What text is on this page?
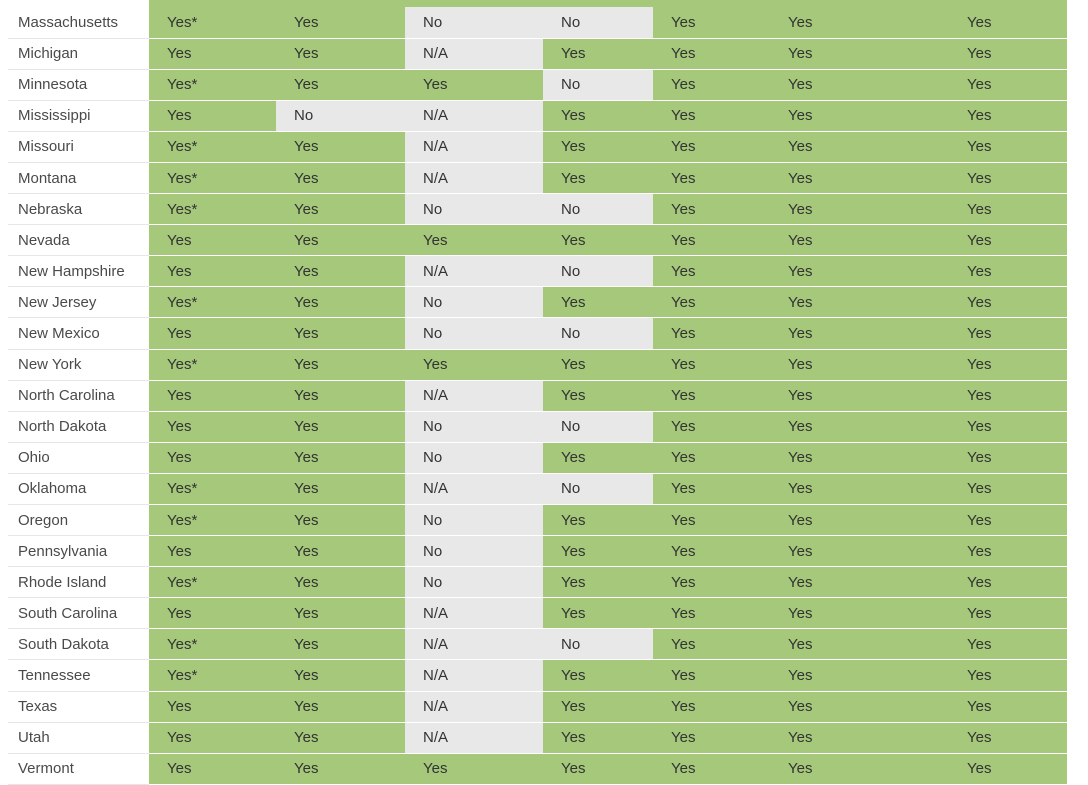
Massachusetts	Yes*	Yes	No	No	Yes	Yes	Yes	
Michigan	Yes	Yes	N/A	Yes	Yes	Yes	Yes	
Minnesota	Yes*	Yes	Yes	No	Yes	Yes	Yes	
Mississippi	Yes	No	N/A	Yes	Yes	Yes	Yes	
Missouri	Yes*	Yes	N/A	Yes	Yes	Yes	Yes	
Montana	Yes*	Yes	N/A	Yes	Yes	Yes	Yes	
Nebraska	Yes*	Yes	No	No	Yes	Yes	Yes	
Nevada	Yes	Yes	Yes	Yes	Yes	Yes	Yes	
New Hampshire	Yes	Yes	N/A	No	Yes	Yes	Yes	
New Jersey	Yes*	Yes	No	Yes	Yes	Yes	Yes	
New Mexico	Yes	Yes	No	No	Yes	Yes	Yes	
New York	Yes*	Yes	Yes	Yes	Yes	Yes	Yes	
North Carolina	Yes	Yes	N/A	Yes	Yes	Yes	Yes	
North Dakota	Yes	Yes	No	No	Yes	Yes	Yes	
Ohio	Yes	Yes	No	Yes	Yes	Yes	Yes	
Oklahoma	Yes*	Yes	N/A	No	Yes	Yes	Yes	
Oregon	Yes*	Yes	No	Yes	Yes	Yes	Yes	
Pennsylvania	Yes	Yes	No	Yes	Yes	Yes	Yes	
Rhode Island	Yes*	Yes	No	Yes	Yes	Yes	Yes	
South Carolina	Yes	Yes	N/A	Yes	Yes	Yes	Yes	
South Dakota	Yes*	Yes	N/A	No	Yes	Yes	Yes	
Tennessee	Yes*	Yes	N/A	Yes	Yes	Yes	Yes	
Texas	Yes	Yes	N/A	Yes	Yes	Yes	Yes	
Utah	Yes	Yes	N/A	Yes	Yes	Yes	Yes	
Vermont	Yes	Yes	Yes	Yes	Yes	Yes	Yes	
